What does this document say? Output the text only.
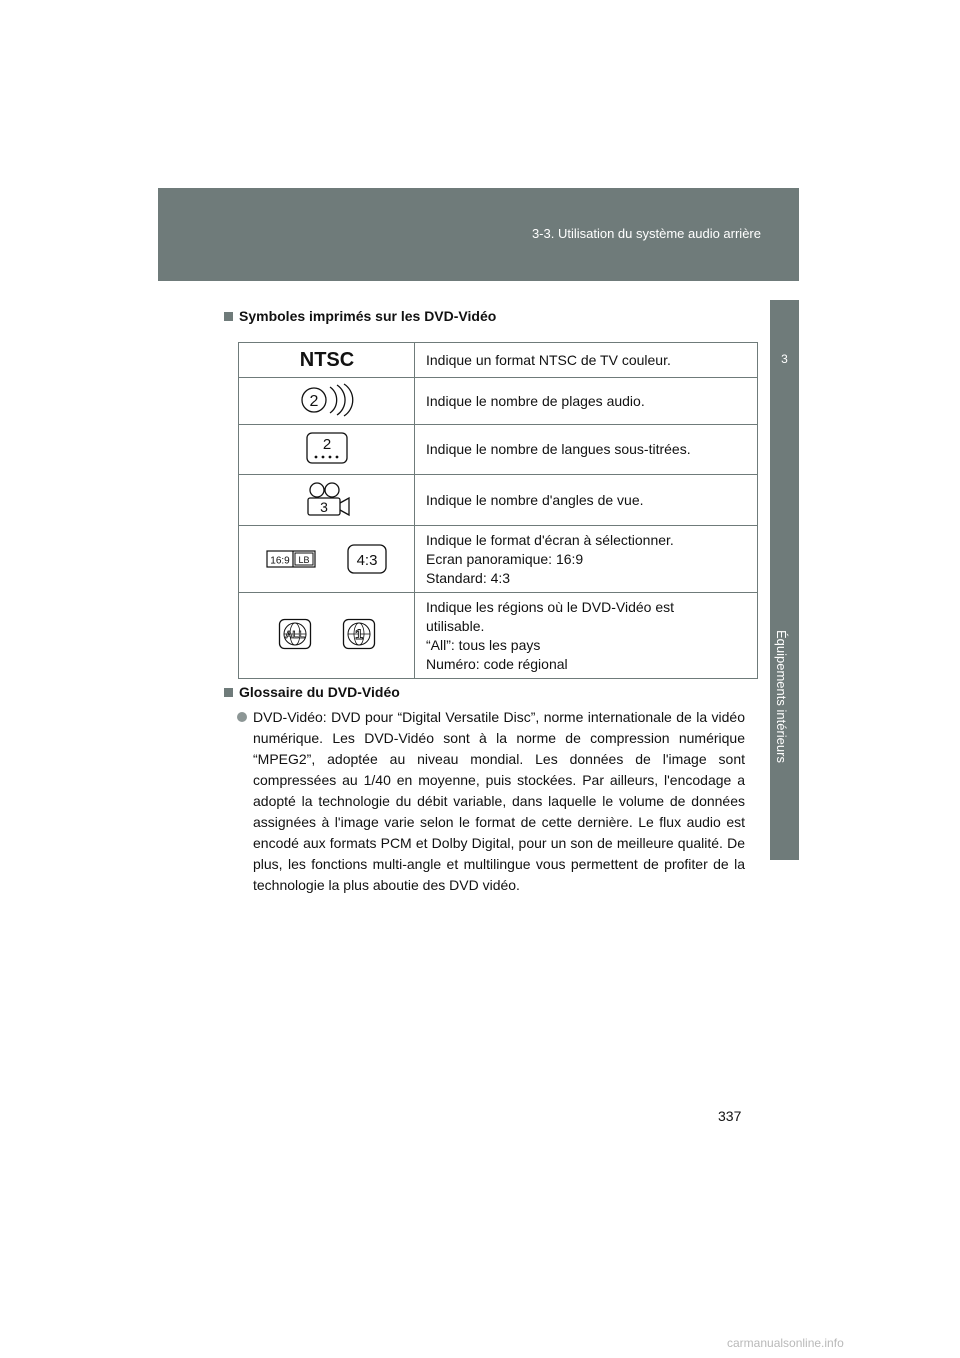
3-3. Utilisation du système audio arrière
3
Équipements intérieurs
Symboles imprimés sur les DVD-Vidéo
NTSC	Indique un format NTSC de TV couleur.

2	Indique le nombre de plages audio.

2	Indique le nombre de langues sous-titrées.

3	Indique le nombre d'angles de vue.

16:9 LB 4:3	Indique le format d'écran à sélectionner.
Ecran panoramique: 16:9
Standard: 4:3

ALL 1	Indique les régions où le DVD-Vidéo est
utilisable.
“All”: tous les pays
Numéro: code régional
Glossaire du DVD-Vidéo
DVD-Vidéo: DVD pour “Digital Versatile Disc”, norme internationale de la vidéo numérique. Les DVD-Vidéo sont à la norme de compression numérique “MPEG2”, adoptée au niveau mondial. Les données de l'image sont compressées au 1/40 en moyenne, puis stockées. Par ailleurs, l'encodage a adopté la technologie du débit variable, dans laquelle le volume de données assignées à l'image varie selon le format de cette dernière. Le flux audio est encodé aux formats PCM et Dolby Digital, pour un son de meilleure qualité. De plus, les fonctions multi-angle et multilingue vous permettent de profiter de la technologie la plus aboutie des DVD vidéo.
337
carmanualsonline.info
